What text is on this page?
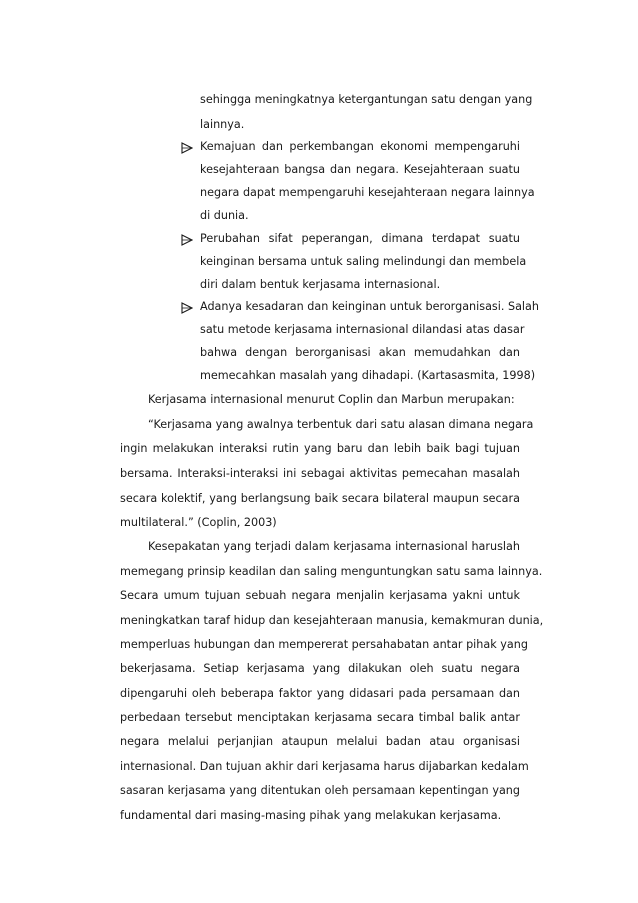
sehingga meningkatnya ketergantungan satu dengan yang
lainnya.
Kemajuan dan perkembangan ekonomi mempengaruhi
kesejahteraan bangsa dan negara. Kesejahteraan suatu
negara dapat mempengaruhi kesejahteraan negara lainnya
di dunia.
Perubahan sifat peperangan, dimana terdapat suatu
keinginan bersama untuk saling melindungi dan membela
diri dalam bentuk kerjasama internasional.
Adanya kesadaran dan keinginan untuk berorganisasi. Salah
satu metode kerjasama internasional dilandasi atas dasar
bahwa dengan berorganisasi akan memudahkan dan
memecahkan masalah yang dihadapi. (Kartasasmita, 1998)
Kerjasama internasional menurut Coplin dan Marbun merupakan:
“Kerjasama yang awalnya terbentuk dari satu alasan dimana negara
ingin melakukan interaksi rutin yang baru dan lebih baik bagi tujuan
bersama. Interaksi-interaksi ini sebagai aktivitas pemecahan masalah
secara kolektif, yang berlangsung baik secara bilateral maupun secara
multilateral.” (Coplin, 2003)
Kesepakatan yang terjadi dalam kerjasama internasional haruslah
memegang prinsip keadilan dan saling menguntungkan satu sama lainnya.
Secara umum tujuan sebuah negara menjalin kerjasama yakni untuk
meningkatkan taraf hidup dan kesejahteraan manusia, kemakmuran dunia,
memperluas hubungan dan mempererat persahabatan antar pihak yang
bekerjasama. Setiap kerjasama yang dilakukan oleh suatu negara
dipengaruhi oleh beberapa faktor yang didasari pada persamaan dan
perbedaan tersebut menciptakan kerjasama secara timbal balik antar
negara melalui perjanjian ataupun melalui badan atau organisasi
internasional. Dan tujuan akhir dari kerjasama harus dijabarkan kedalam
sasaran kerjasama yang ditentukan oleh persamaan kepentingan yang
fundamental dari masing-masing pihak yang melakukan kerjasama.
